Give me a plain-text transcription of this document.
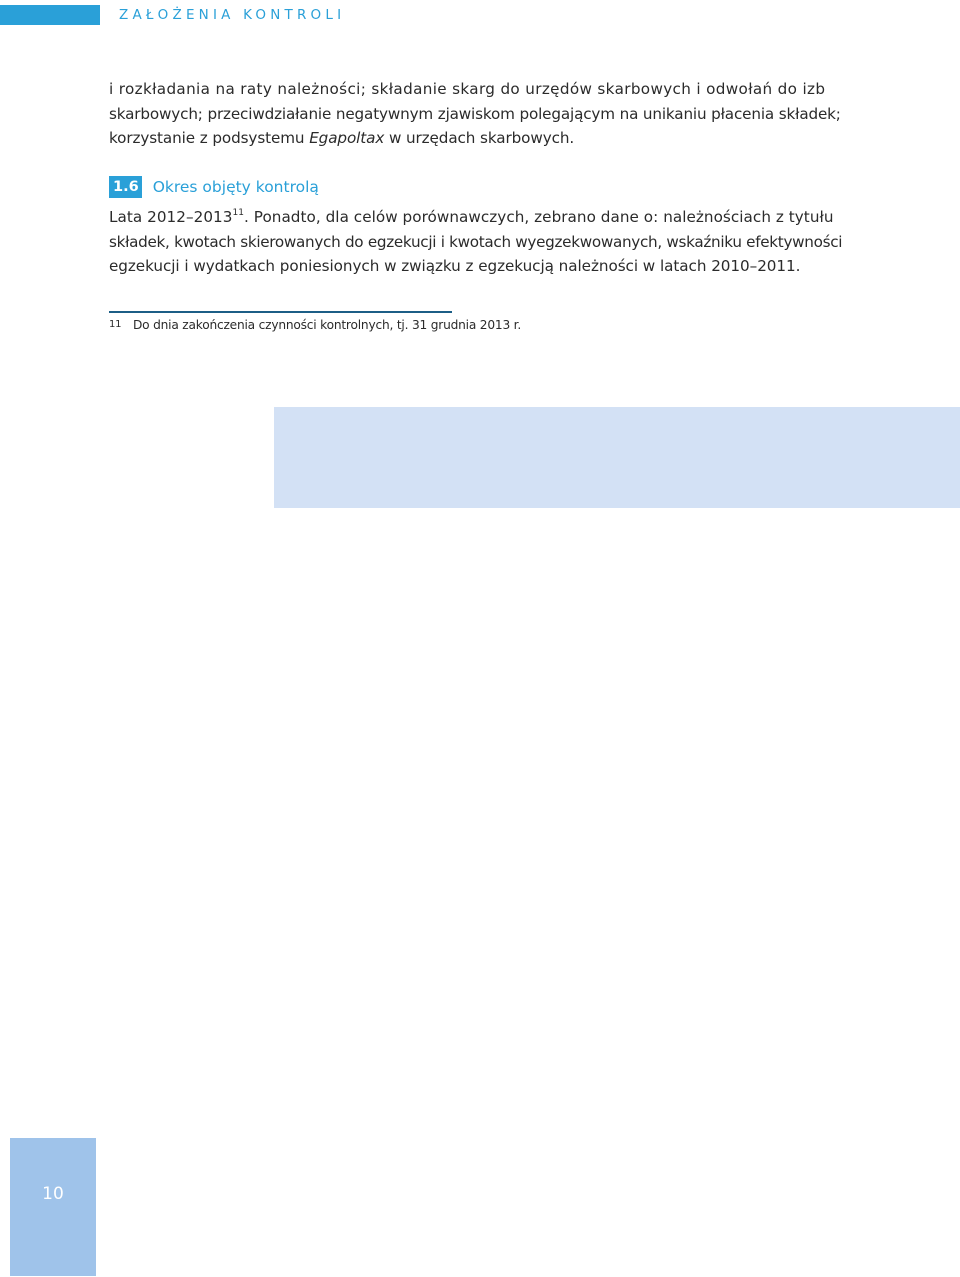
ZAŁOŻENIA KONTROLI
i rozkładania na raty należności; składanie skarg do urzędów skarbowych i odwołań do izb
skarbowych; przeciwdziałanie negatywnym zjawiskom polegającym na unikaniu płacenia składek;
korzystanie z podsystemu Egapoltax w urzędach skarbowych.
1.6 Okres objęty kontrolą
Lata 2012–2013$^{11}$. Ponadto, dla celów porównawczych, zebrano dane o: należnościach z tytułu
składek, kwotach skierowanych do egzekucji i kwotach wyegzekwowanych, wskaźniku efektywności
egzekucji i wydatkach poniesionych w związku z egzekucją należności w latach 2010–2011.
11 Do dnia zakończenia czynności kontrolnych, tj. 31 grudnia 2013 r.
10
